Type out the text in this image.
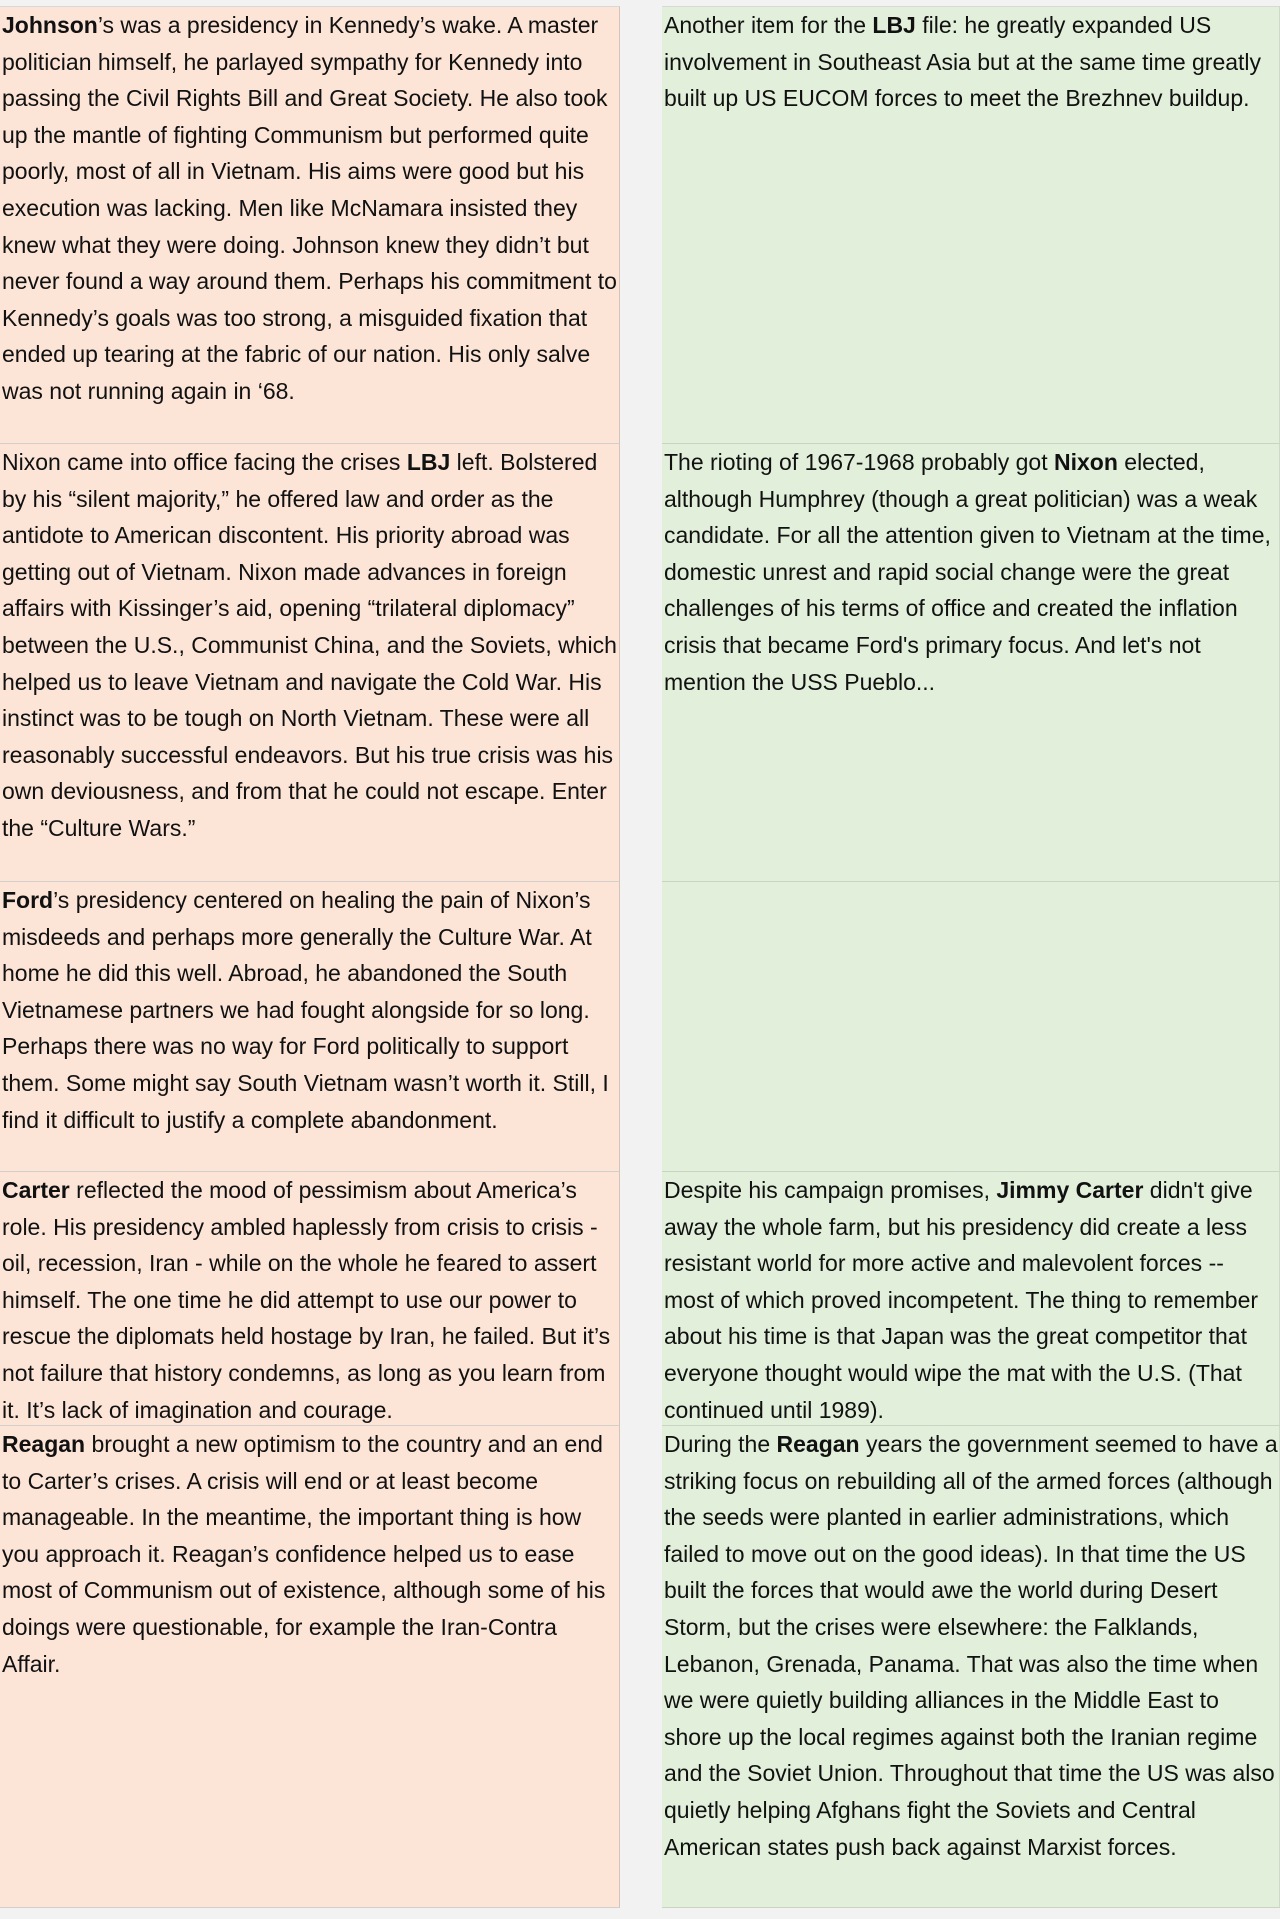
Johnson’s was a presidency in Kennedy’s wake. A master politician himself, he parlayed sympathy for Kennedy into passing the Civil Rights Bill and Great Society. He also took up the mantle of fighting Communism but performed quite poorly, most of all in Vietnam. His aims were good but his execution was lacking. Men like McNamara insisted they knew what they were doing. Johnson knew they didn’t but never found a way around them. Perhaps his commitment to Kennedy’s goals was too strong, a misguided fixation that ended up tearing at the fabric of our nation. His only salve was not running again in ‘68.
Another item for the LBJ file: he greatly expanded US involvement in Southeast Asia but at the same time greatly built up US EUCOM forces to meet the Brezhnev buildup.
Nixon came into office facing the crises LBJ left. Bolstered by his “silent majority,” he offered law and order as the antidote to American discontent. His priority abroad was getting out of Vietnam. Nixon made advances in foreign affairs with Kissinger’s aid, opening “trilateral diplomacy” between the U.S., Communist China, and the Soviets, which helped us to leave Vietnam and navigate the Cold War. His instinct was to be tough on North Vietnam. These were all reasonably successful endeavors. But his true crisis was his own deviousness, and from that he could not escape. Enter the “Culture Wars.”
The rioting of 1967-1968 probably got Nixon elected, although Humphrey (though a great politician) was a weak candidate. For all the attention given to Vietnam at the time, domestic unrest and rapid social change were the great challenges of his terms of office and created the inflation crisis that became Ford's primary focus. And let's not mention the USS Pueblo...
Ford’s presidency centered on healing the pain of Nixon’s misdeeds and perhaps more generally the Culture War. At home he did this well. Abroad, he abandoned the South Vietnamese partners we had fought alongside for so long. Perhaps there was no way for Ford politically to support them. Some might say South Vietnam wasn’t worth it. Still, I find it difficult to justify a complete abandonment.
Carter reflected the mood of pessimism about America’s role. His presidency ambled haplessly from crisis to crisis - oil, recession, Iran - while on the whole he feared to assert himself. The one time he did attempt to use our power to rescue the diplomats held hostage by Iran, he failed. But it’s not failure that history condemns, as long as you learn from it. It’s lack of imagination and courage.
Despite his campaign promises, Jimmy Carter didn't give away the whole farm, but his presidency did create a less resistant world for more active and malevolent forces -- most of which proved incompetent. The thing to remember about his time is that Japan was the great competitor that everyone thought would wipe the mat with the U.S. (That continued until 1989).
Reagan brought a new optimism to the country and an end to Carter’s crises. A crisis will end or at least become manageable. In the meantime, the important thing is how you approach it. Reagan’s confidence helped us to ease most of Communism out of existence, although some of his doings were questionable, for example the Iran-Contra Affair.
During the Reagan years the government seemed to have a striking focus on rebuilding all of the armed forces (although the seeds were planted in earlier administrations, which failed to move out on the good ideas). In that time the US built the forces that would awe the world during Desert Storm, but the crises were elsewhere: the Falklands, Lebanon, Grenada, Panama. That was also the time when we were quietly building alliances in the Middle East to shore up the local regimes against both the Iranian regime and the Soviet Union. Throughout that time the US was also quietly helping Afghans fight the Soviets and Central American states push back against Marxist forces.
